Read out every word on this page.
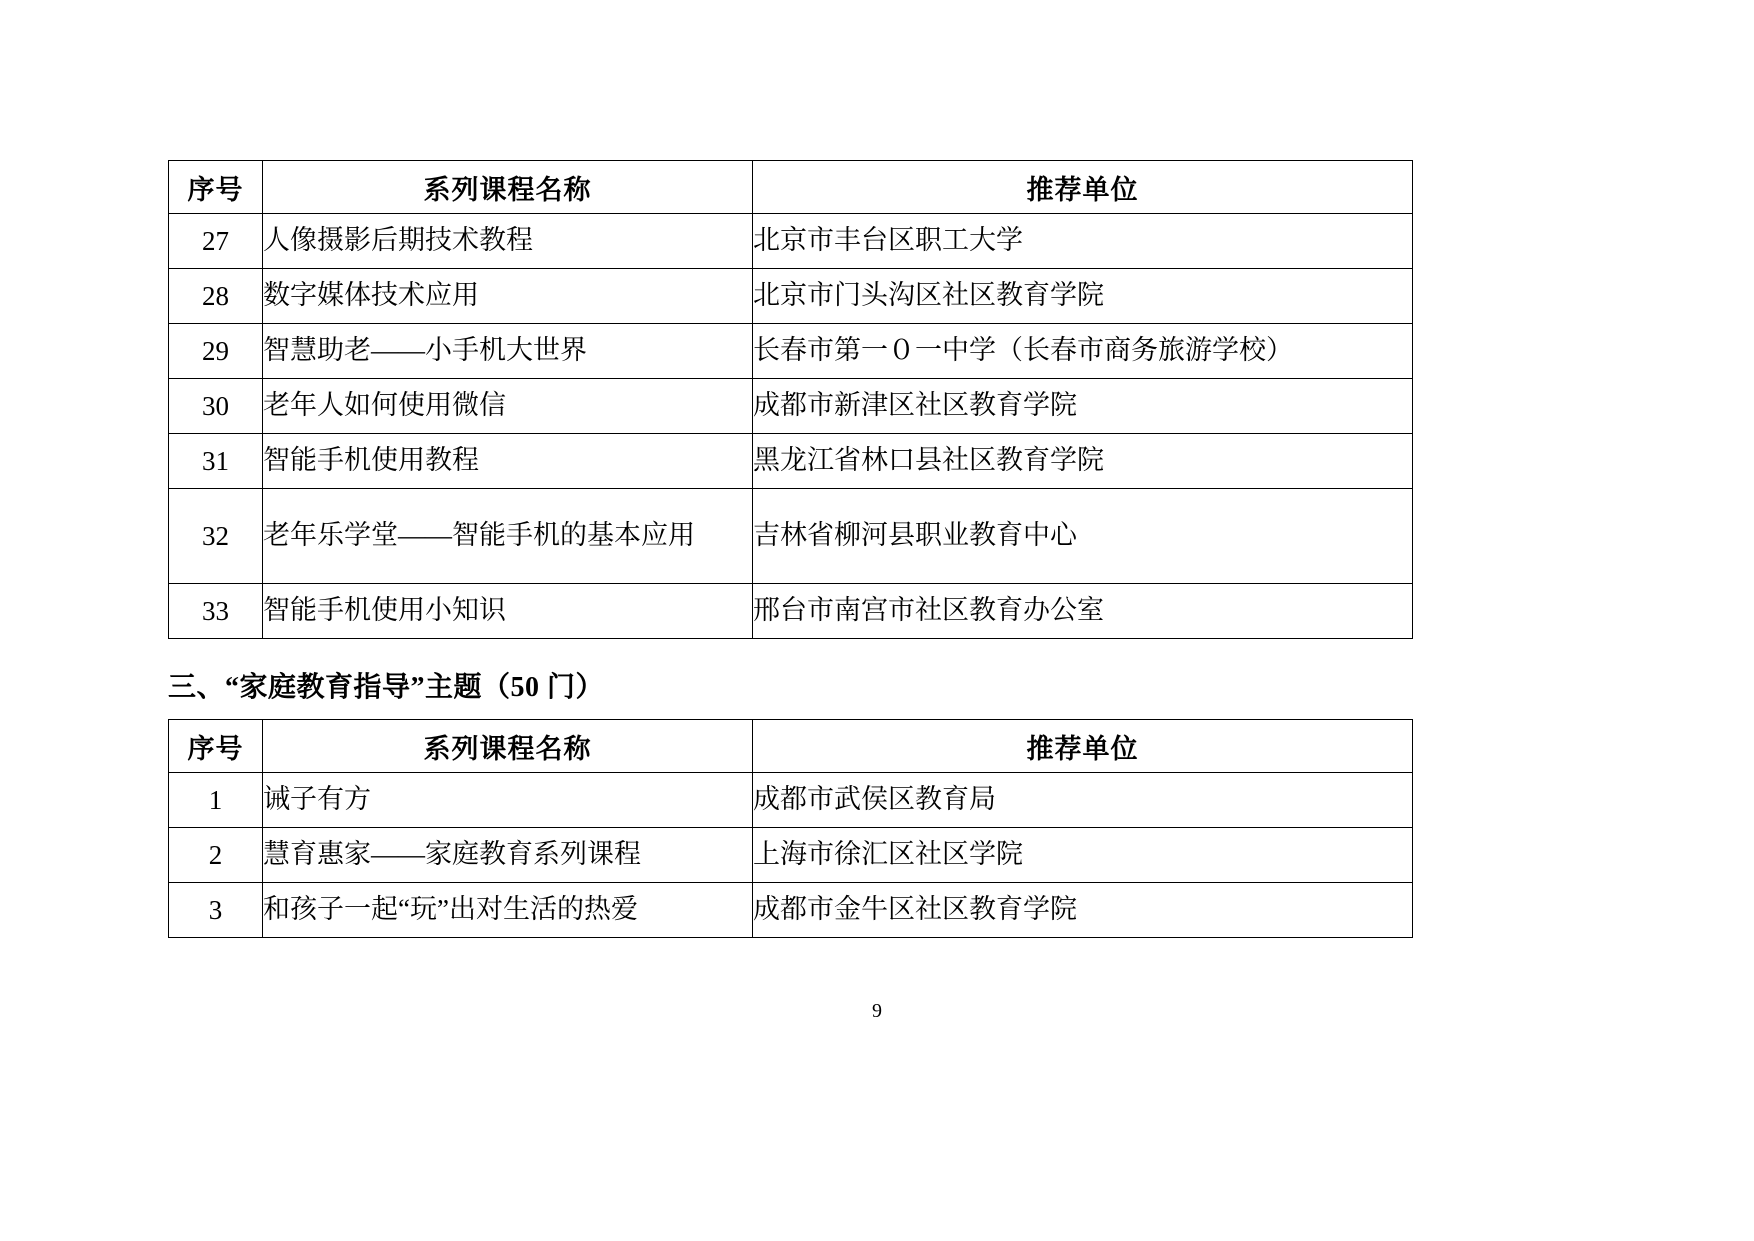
序号	系列课程名称	推荐单位
27	人像摄影后期技术教程	北京市丰台区职工大学
28	数字媒体技术应用	北京市门头沟区社区教育学院
29	智慧助老——小手机大世界	长春市第一０一中学（长春市商务旅游学校）
30	老年人如何使用微信	成都市新津区社区教育学院
31	智能手机使用教程	黑龙江省林口县社区教育学院
32	老年乐学堂——智能手机的基本应用	吉林省柳河县职业教育中心
33	智能手机使用小知识	邢台市南宫市社区教育办公室
三、“家庭教育指导”主题（50 门）
序号	系列课程名称	推荐单位
1	诫子有方	成都市武侯区教育局
2	慧育惠家——家庭教育系列课程	上海市徐汇区社区学院
3	和孩子一起“玩”出对生活的热爱	成都市金牛区社区教育学院
9
